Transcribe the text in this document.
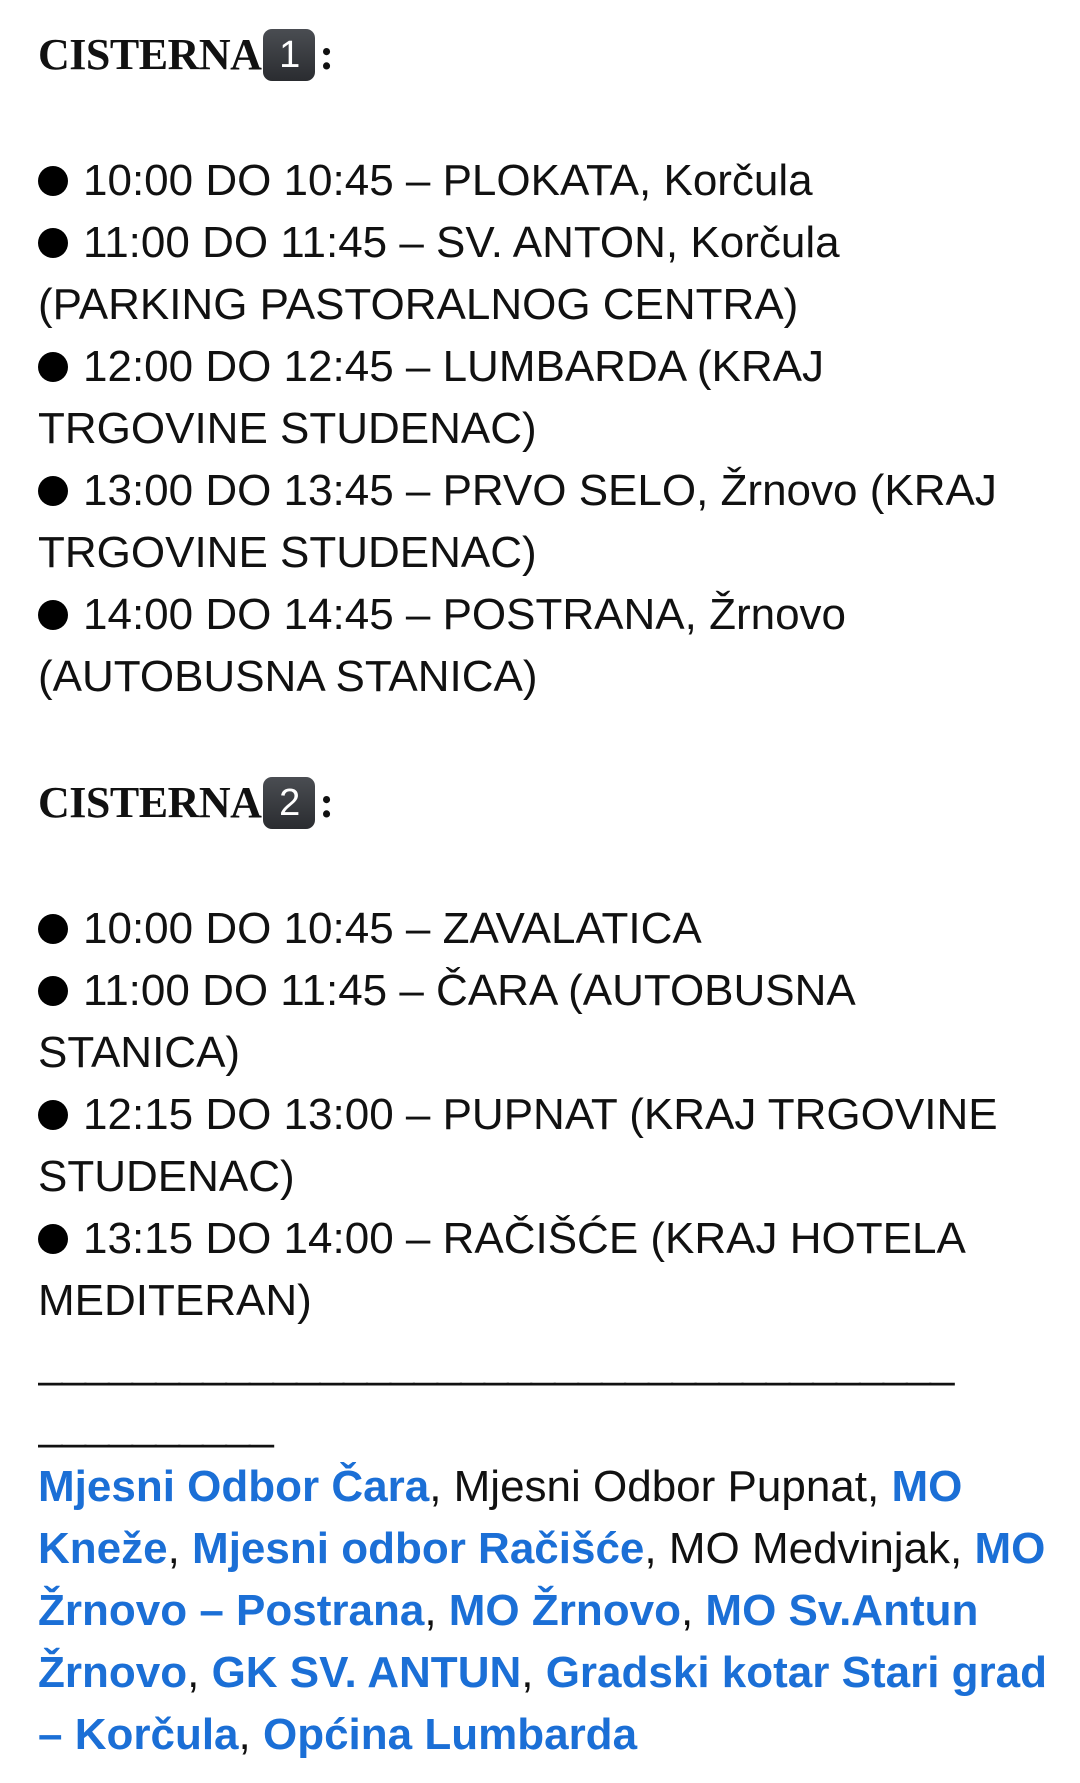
CISTERNA 1 :
10:00 DO 10:45 – PLOKATA, Korčula
11:00 DO 11:45 – SV. ANTON, Korčula (PARKING PASTORALNOG CENTRA)
12:00 DO 12:45 – LUMBARDA (KRAJ TRGOVINE STUDENAC)
13:00 DO 13:45 – PRVO SELO, Žrnovo (KRAJ TRGOVINE STUDENAC)
14:00 DO 14:45 – POSTRANA, Žrnovo (AUTOBUSNA STANICA)
CISTERNA 2 :
10:00 DO 10:45 – ZAVALATICA
11:00 DO 11:45 – ČARA (AUTOBUSNA STANICA)
12:15 DO 13:00 – PUPNAT (KRAJ TRGOVINE STUDENAC)
13:15 DO 14:00 – RAČIŠĆE (KRAJ HOTELA MEDITERAN)
_______________________________________
__________
Mjesni Odbor Čara, Mjesni Odbor Pupnat, MO Kneže, Mjesni odbor Račišće, MO Medvinjak, MO Žrnovo – Postrana, MO Žrnovo, MO Sv.Antun Žrnovo, GK SV. ANTUN, Gradski kotar Stari grad – Korčula, Općina Lumbarda
